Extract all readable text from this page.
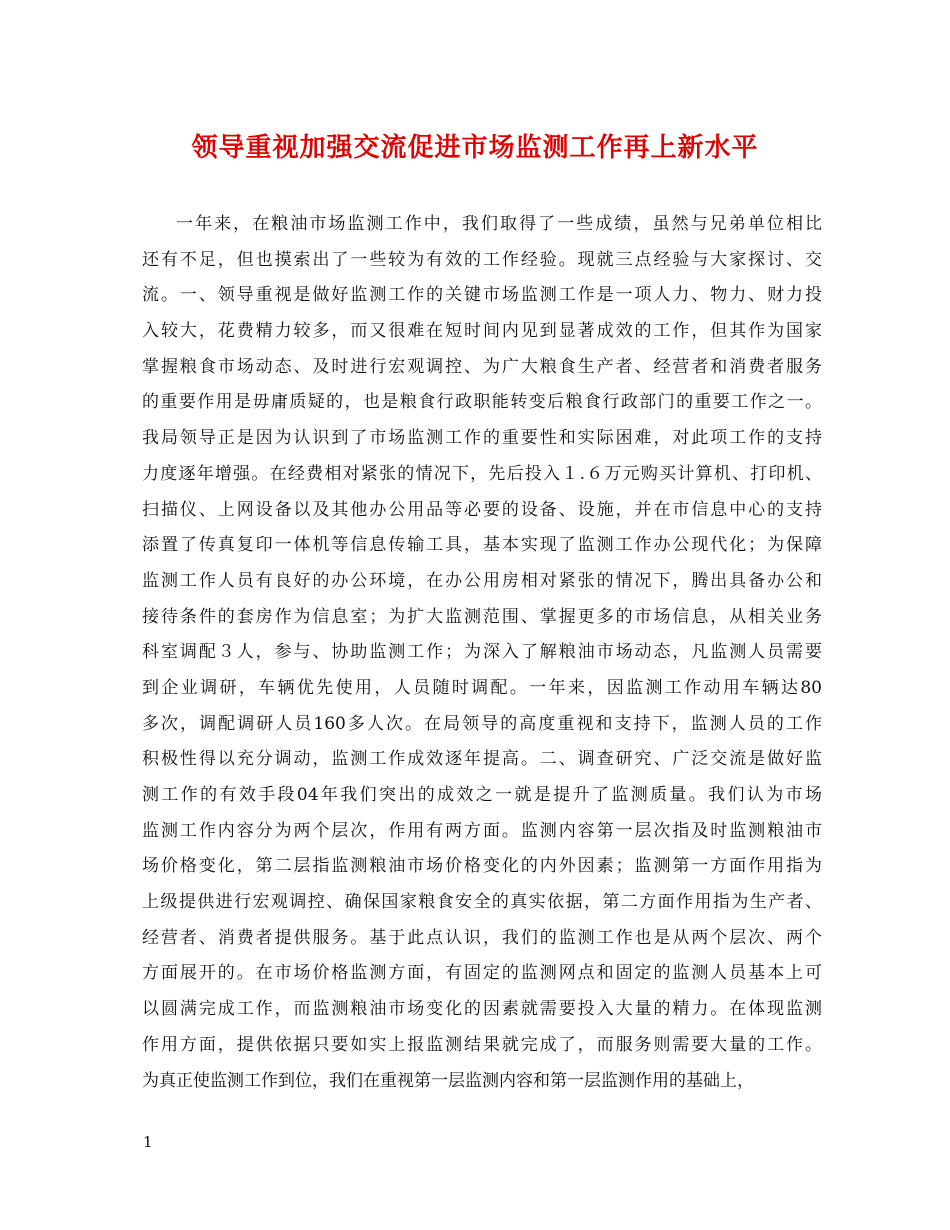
领导重视加强交流促进市场监测工作再上新水平
一年来，在粮油市场监测工作中，我们取得了一些成绩，虽然与兄弟单位相比
还有不足，但也摸索出了一些较为有效的工作经验。现就三点经验与大家探讨、交
流。一、领导重视是做好监测工作的关键市场监测工作是一项人力、物力、财力投
入较大，花费精力较多，而又很难在短时间内见到显著成效的工作，但其作为国家
掌握粮食市场动态、及时进行宏观调控、为广大粮食生产者、经营者和消费者服务
的重要作用是毋庸质疑的，也是粮食行政职能转变后粮食行政部门的重要工作之一。
我局领导正是因为认识到了市场监测工作的重要性和实际困难，对此项工作的支持
力度逐年增强。在经费相对紧张的情况下，先后投入１.６万元购买计算机、打印机、
扫描仪、上网设备以及其他办公用品等必要的设备、设施，并在市信息中心的支持
添置了传真复印一体机等信息传输工具，基本实现了监测工作办公现代化；为保障
监测工作人员有良好的办公环境，在办公用房相对紧张的情况下，腾出具备办公和
接待条件的套房作为信息室；为扩大监测范围、掌握更多的市场信息，从相关业务
科室调配３人，参与、协助监测工作；为深入了解粮油市场动态，凡监测人员需要
到企业调研，车辆优先使用，人员随时调配。一年来，因监测工作动用车辆达80
多次，调配调研人员160多人次。在局领导的高度重视和支持下，监测人员的工作
积极性得以充分调动，监测工作成效逐年提高。二、调查研究、广泛交流是做好监
测工作的有效手段04年我们突出的成效之一就是提升了监测质量。我们认为市场
监测工作内容分为两个层次，作用有两方面。监测内容第一层次指及时监测粮油市
场价格变化，第二层指监测粮油市场价格变化的内外因素；监测第一方面作用指为
上级提供进行宏观调控、确保国家粮食安全的真实依据，第二方面作用指为生产者、
经营者、消费者提供服务。基于此点认识，我们的监测工作也是从两个层次、两个
方面展开的。在市场价格监测方面，有固定的监测网点和固定的监测人员基本上可
以圆满完成工作，而监测粮油市场变化的因素就需要投入大量的精力。在体现监测
作用方面，提供依据只要如实上报监测结果就完成了，而服务则需要大量的工作。
为真正使监测工作到位，我们在重视第一层监测内容和第一层监测作用的基础上，
1
